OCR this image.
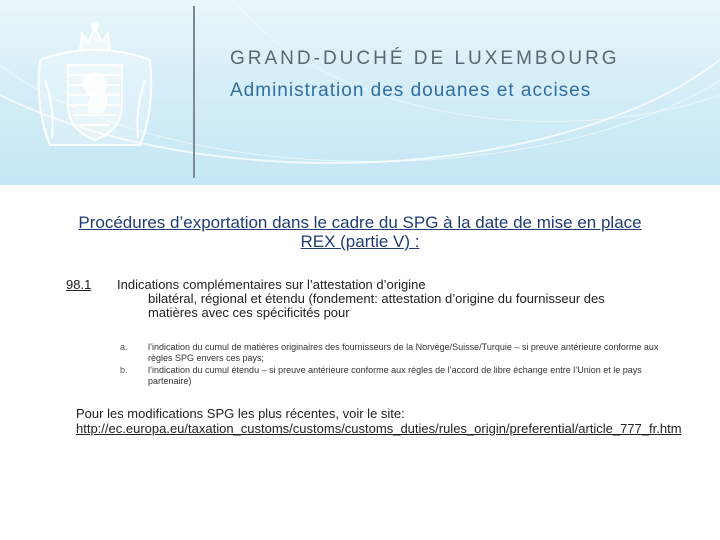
GRAND-DUCHÉ DE LUXEMBOURG
Administration des douanes et accises
Procédures d’exportation dans le cadre du SPG à la date de mise en place REX (partie V) :
98.1 Indications complémentaires sur l’attestation d’origine
bilatéral, régional et étendu (fondement: attestation d’origine du fournisseur des matières avec ces spécificités pour
a.	l’indication du cumul de matières originaires des fournisseurs de la Norvège/Suisse/Turquie – si preuve antérieure conforme aux règles SPG envers ces pays;
b.	l’indication du cumul étendu – si preuve antérieure conforme aux règles de l’accord de libre échange entre l’Union et le pays partenaire)
Pour les modifications SPG les plus récentes, voir le site:
http://ec.europa.eu/taxation_customs/customs/customs_duties/rules_origin/preferential/article_777_fr.htm
